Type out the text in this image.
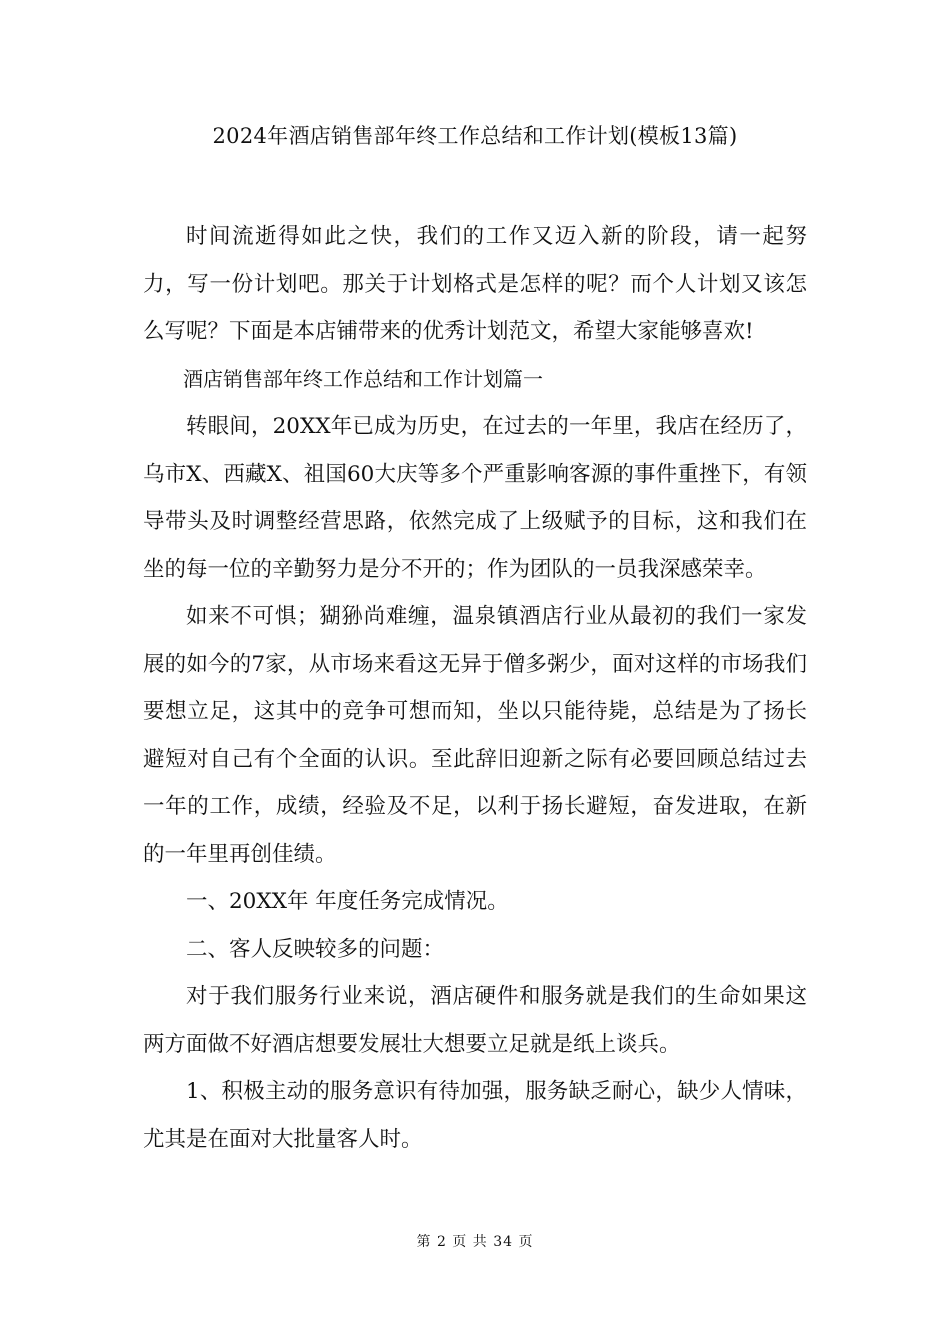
2024年酒店销售部年终工作总结和工作计划(模板13篇)

时间流逝得如此之快，我们的工作又迈入新的阶段，请一起努力，写一份计划吧。那关于计划格式是怎样的呢？而个人计划又该怎么写呢？下面是本店铺带来的优秀计划范文，希望大家能够喜欢!

酒店销售部年终工作总结和工作计划篇一

转眼间，20XX年已成为历史，在过去的一年里，我店在经历了，乌市X、西藏X、祖国60大庆等多个严重影响客源的事件重挫下，有领导带头及时调整经营思路，依然完成了上级赋予的目标，这和我们在坐的每一位的辛勤努力是分不开的；作为团队的一员我深感荣幸。

如来不可惧；猢狲尚难缠，温泉镇酒店行业从最初的我们一家发展的如今的7家，从市场来看这无异于僧多粥少，面对这样的市场我们要想立足，这其中的竞争可想而知，坐以只能待毙，总结是为了扬长避短对自己有个全面的认识。至此辞旧迎新之际有必要回顾总结过去一年的工作，成绩，经验及不足，以利于扬长避短，奋发进取，在新的一年里再创佳绩。

一、20XX年 年度任务完成情况。

二、客人反映较多的问题：

对于我们服务行业来说，酒店硬件和服务就是我们的生命如果这两方面做不好酒店想要发展壮大想要立足就是纸上谈兵。

1、积极主动的服务意识有待加强，服务缺乏耐心，缺少人情味，尤其是在面对大批量客人时。

第 2 页 共 34 页
